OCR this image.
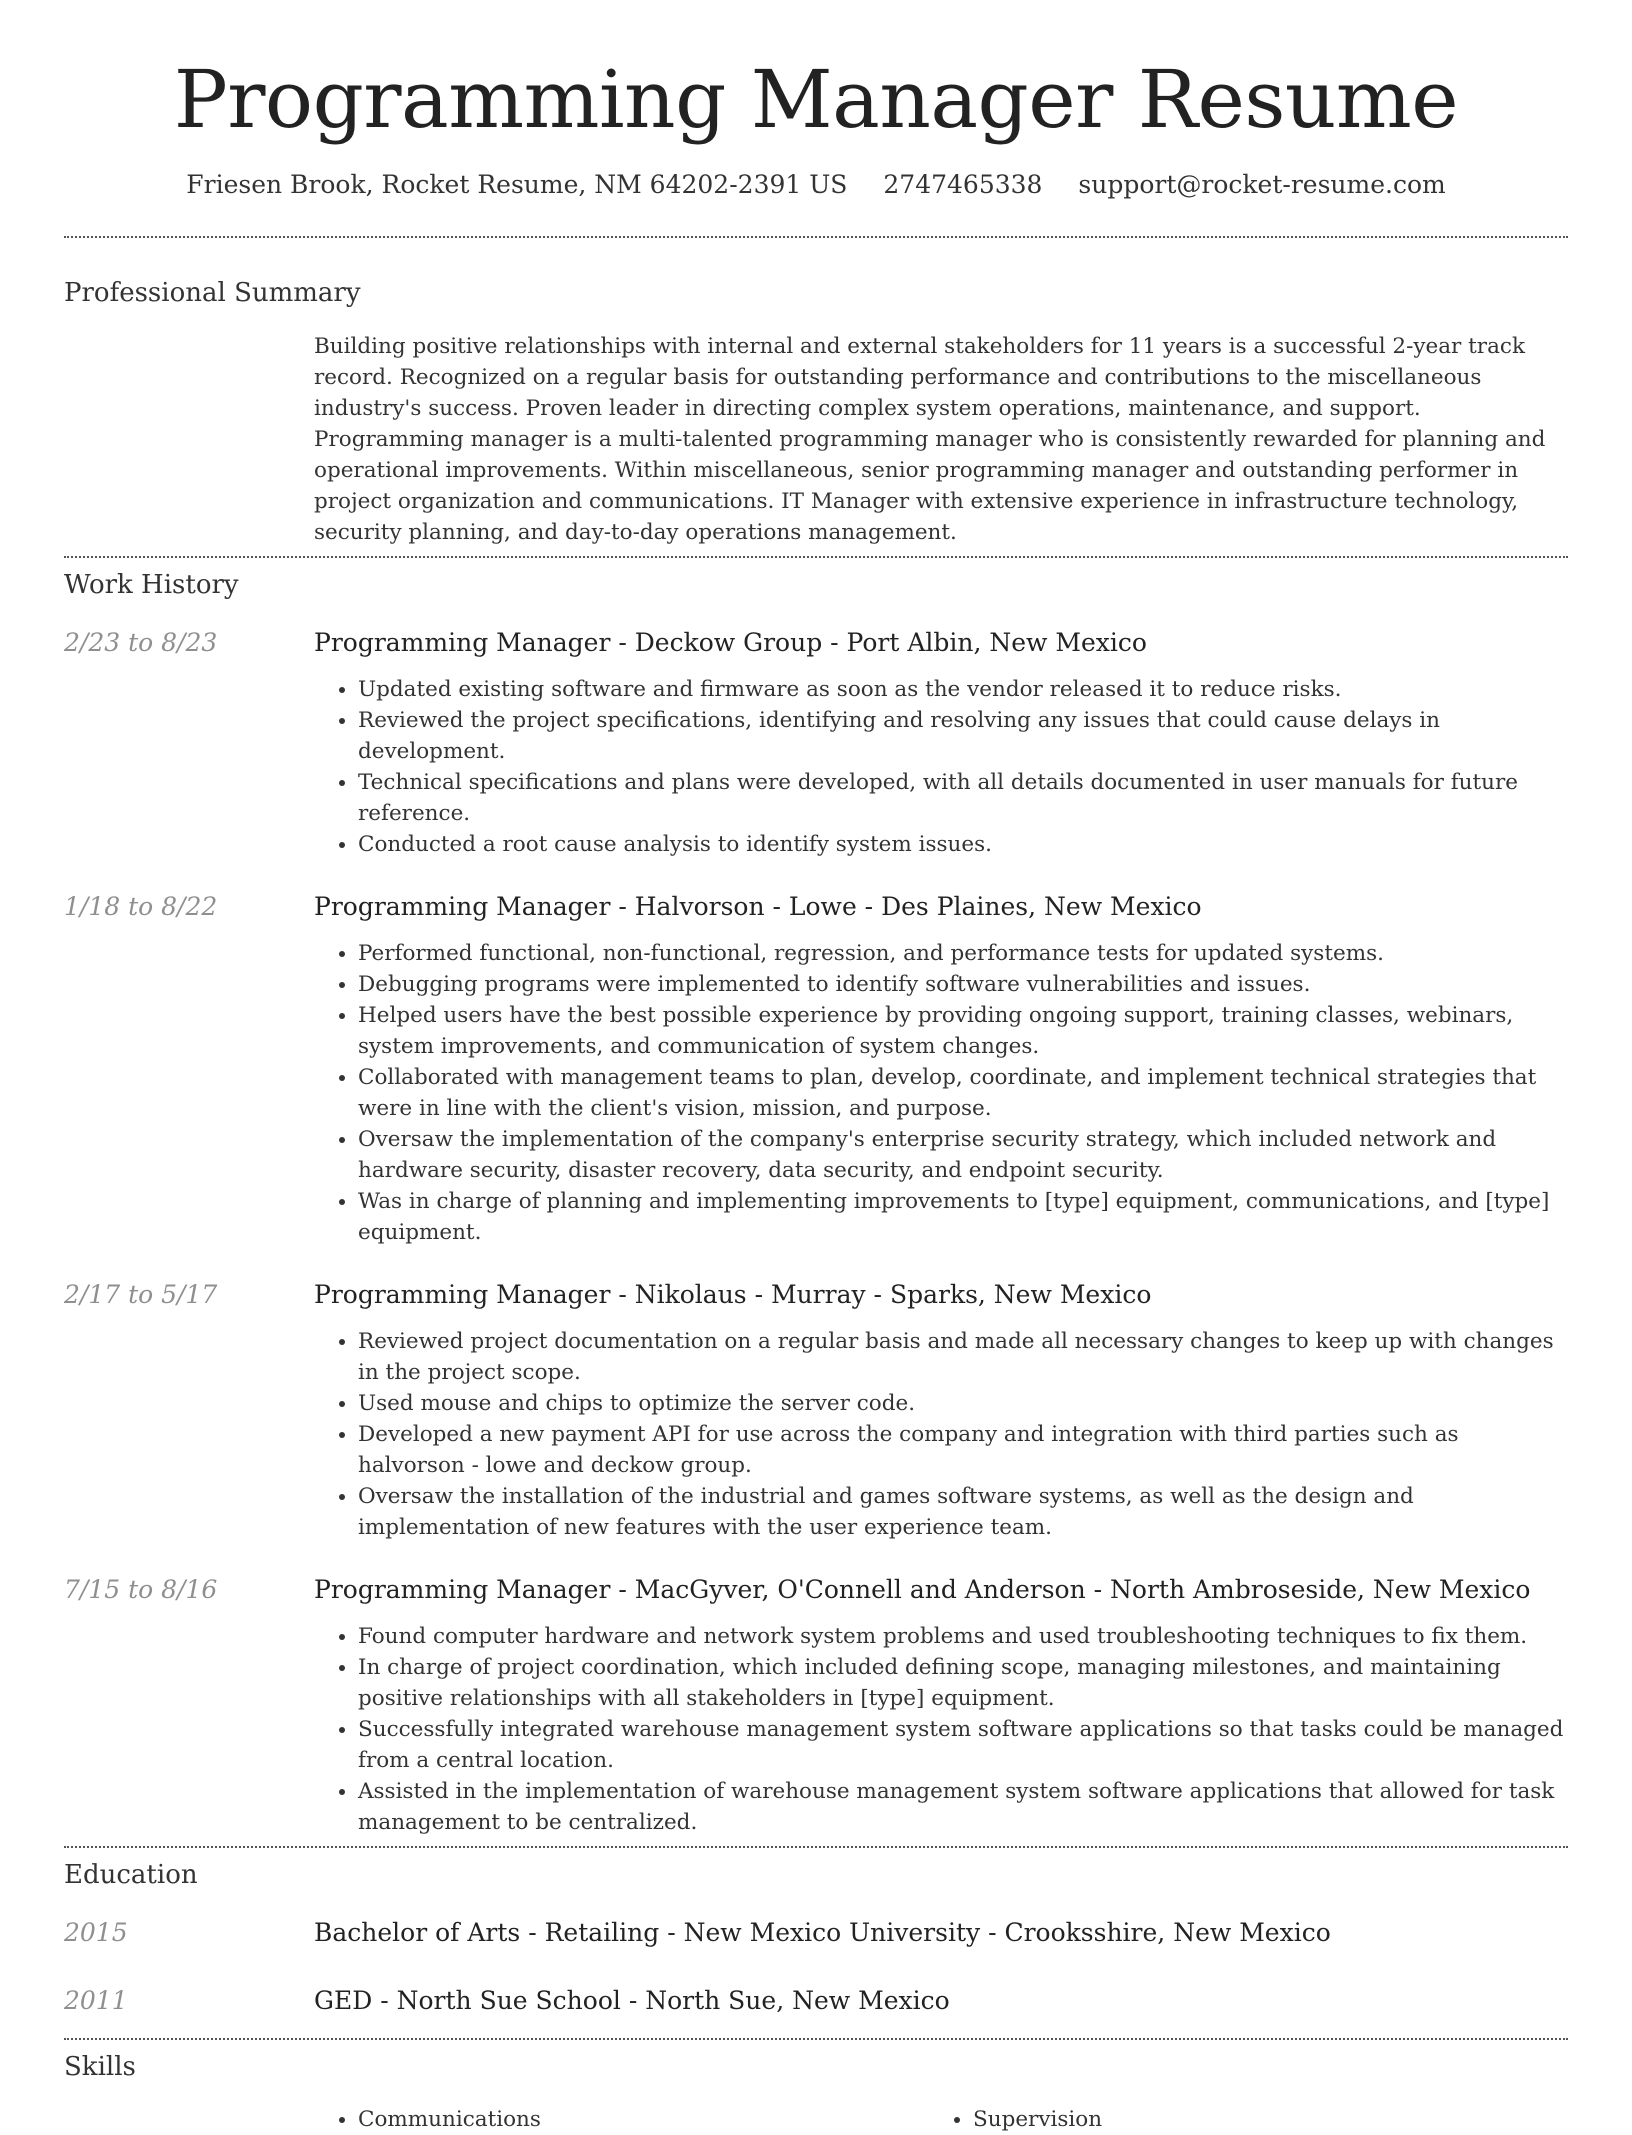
Programming Manager Resume
Friesen Brook, Rocket Resume, NM 64202-2391 US 2747465338 support@rocket-resume.com
Professional Summary
Building positive relationships with internal and external stakeholders for 11 years is a successful 2-year track record. Recognized on a regular basis for outstanding performance and contributions to the miscellaneous industry's success. Proven leader in directing complex system operations, maintenance, and support. Programming manager is a multi-talented programming manager who is consistently rewarded for planning and operational improvements. Within miscellaneous, senior programming manager and outstanding performer in project organization and communications. IT Manager with extensive experience in infrastructure technology, security planning, and day-to-day operations management.
Work History
2/23 to 8/23	Programming Manager - Deckow Group - Port Albin, New Mexico
• Updated existing software and firmware as soon as the vendor released it to reduce risks.
• Reviewed the project specifications, identifying and resolving any issues that could cause delays in development.
• Technical specifications and plans were developed, with all details documented in user manuals for future reference.
• Conducted a root cause analysis to identify system issues.
1/18 to 8/22	Programming Manager - Halvorson - Lowe - Des Plaines, New Mexico
• Performed functional, non-functional, regression, and performance tests for updated systems.
• Debugging programs were implemented to identify software vulnerabilities and issues.
• Helped users have the best possible experience by providing ongoing support, training classes, webinars, system improvements, and communication of system changes.
• Collaborated with management teams to plan, develop, coordinate, and implement technical strategies that were in line with the client's vision, mission, and purpose.
• Oversaw the implementation of the company's enterprise security strategy, which included network and hardware security, disaster recovery, data security, and endpoint security.
• Was in charge of planning and implementing improvements to [type] equipment, communications, and [type] equipment.
2/17 to 5/17	Programming Manager - Nikolaus - Murray - Sparks, New Mexico
• Reviewed project documentation on a regular basis and made all necessary changes to keep up with changes in the project scope.
• Used mouse and chips to optimize the server code.
• Developed a new payment API for use across the company and integration with third parties such as halvorson - lowe and deckow group.
• Oversaw the installation of the industrial and games software systems, as well as the design and implementation of new features with the user experience team.
7/15 to 8/16	Programming Manager - MacGyver, O'Connell and Anderson - North Ambroseside, New Mexico
• Found computer hardware and network system problems and used troubleshooting techniques to fix them.
• In charge of project coordination, which included defining scope, managing milestones, and maintaining positive relationships with all stakeholders in [type] equipment.
• Successfully integrated warehouse management system software applications so that tasks could be managed from a central location.
• Assisted in the implementation of warehouse management system software applications that allowed for task management to be centralized.
Education
2015	Bachelor of Arts - Retailing - New Mexico University - Crooksshire, New Mexico
2011	GED - North Sue School - North Sue, New Mexico
Skills
• Communications
•	Supervision
